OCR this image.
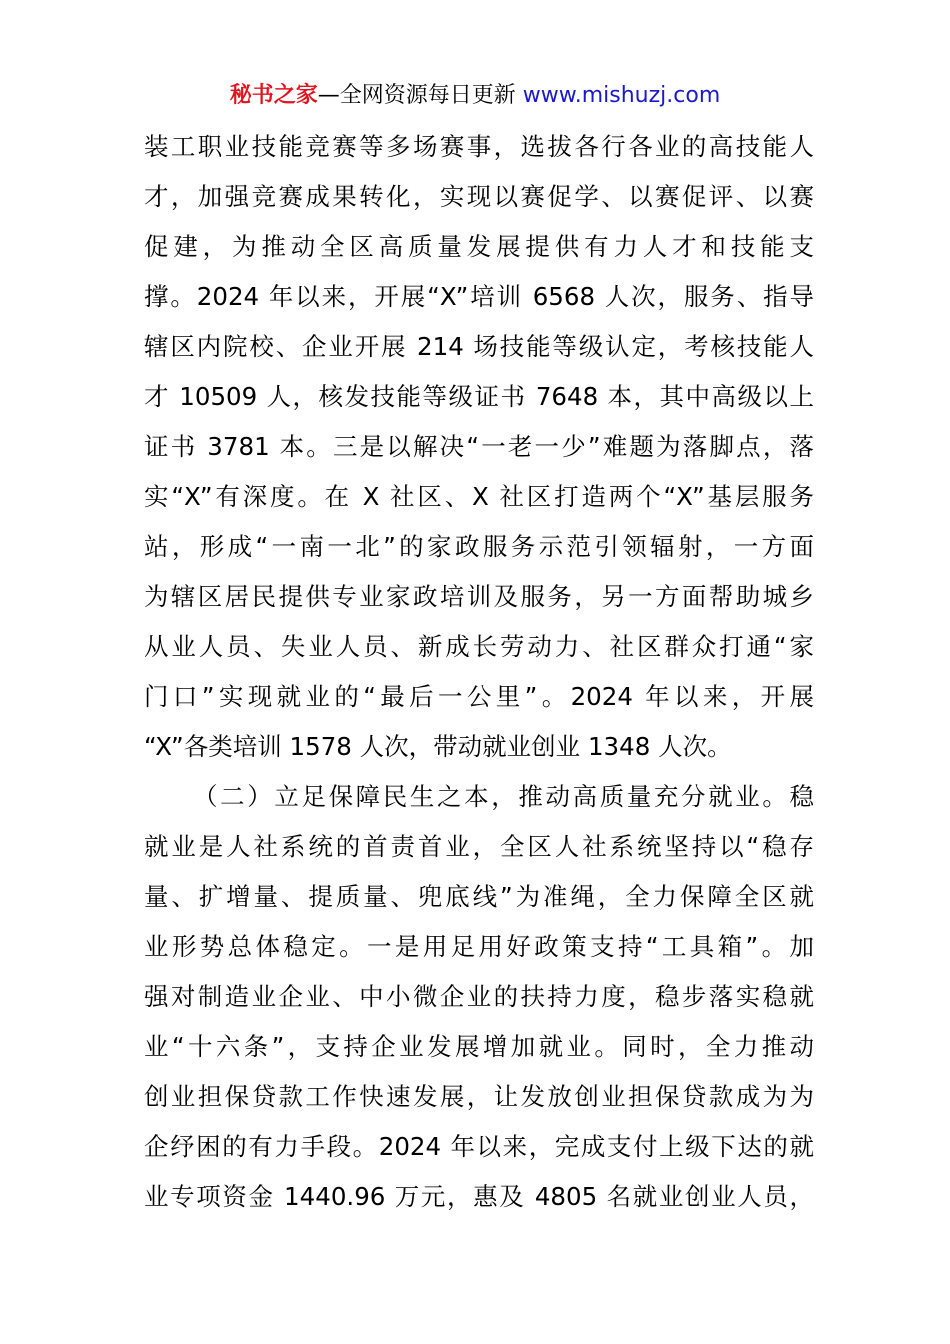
秘书之家—全网资源每日更新 www.mishuzj.com
装工职业技能竞赛等多场赛事，选拔各行各业的高技能人
才，加强竞赛成果转化，实现以赛促学、以赛促评、以赛
促建，为推动全区高质量发展提供有力人才和技能支
撑。2024 年以来，开展“X”培训 6568 人次，服务、指导
辖区内院校、企业开展 214 场技能等级认定，考核技能人
才 10509 人，核发技能等级证书 7648 本，其中高级以上
证书 3781 本。三是以解决“一老一少”难题为落脚点，落
实“X”有深度。在 X 社区、X 社区打造两个“X”基层服务
站，形成“一南一北”的家政服务示范引领辐射，一方面
为辖区居民提供专业家政培训及服务，另一方面帮助城乡
从业人员、失业人员、新成长劳动力、社区群众打通“家
门口”实现就业的“最后一公里”。2024 年以来，开展
“X”各类培训 1578 人次，带动就业创业 1348 人次。
（二）立足保障民生之本，推动高质量充分就业。稳
就业是人社系统的首责首业，全区人社系统坚持以“稳存
量、扩增量、提质量、兜底线”为准绳，全力保障全区就
业形势总体稳定。一是用足用好政策支持“工具箱”。加
强对制造业企业、中小微企业的扶持力度，稳步落实稳就
业“十六条”，支持企业发展增加就业。同时，全力推动
创业担保贷款工作快速发展，让发放创业担保贷款成为为
企纾困的有力手段。2024 年以来，完成支付上级下达的就
业专项资金 1440.96 万元，惠及 4805 名就业创业人员，
